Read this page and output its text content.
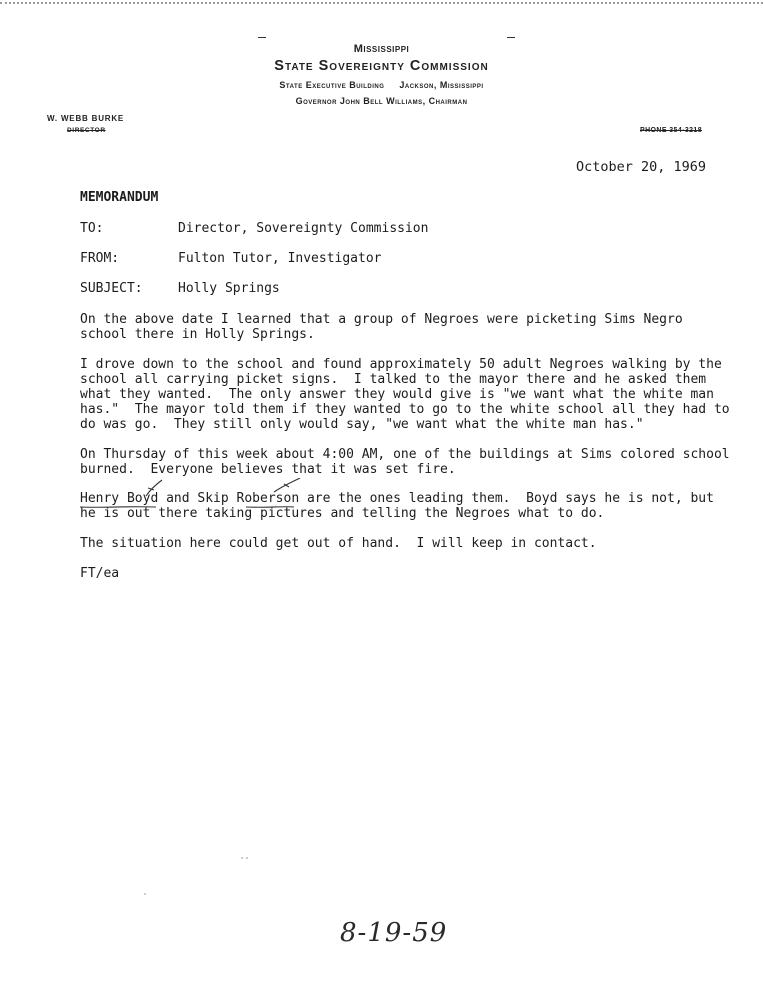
Mississippi
State Sovereignty Commission
State Executive Building     Jackson, Mississippi
Governor John Bell Williams, Chairman
W. WEBB BURKE
DIRECTOR	PHONE 354-3218
October 20, 1969
MEMORANDUM
TO:	Director, Sovereignty Commission
FROM:	Fulton Tutor, Investigator
SUBJECT:	Holly Springs
On the above date I learned that a group of Negroes were picketing Sims Negro
school there in Holly Springs.
I drove down to the school and found approximately 50 adult Negroes walking by the
school all carrying picket signs.  I talked to the mayor there and he asked them
what they wanted.  The only answer they would give is "we want what the white man
has."  The mayor told them if they wanted to go to the white school all they had to
do was go.  They still only would say, "we want what the white man has."
On Thursday of this week about 4:00 AM, one of the buildings at Sims colored school
burned.  Everyone believes that it was set fire.
Henry Boyd and Skip Roberson are the ones leading them.  Boyd says he is not, but
he is out there taking pictures and telling the Negroes what to do.
The situation here could get out of hand.  I will keep in contact.
FT/ea
8-19-59
